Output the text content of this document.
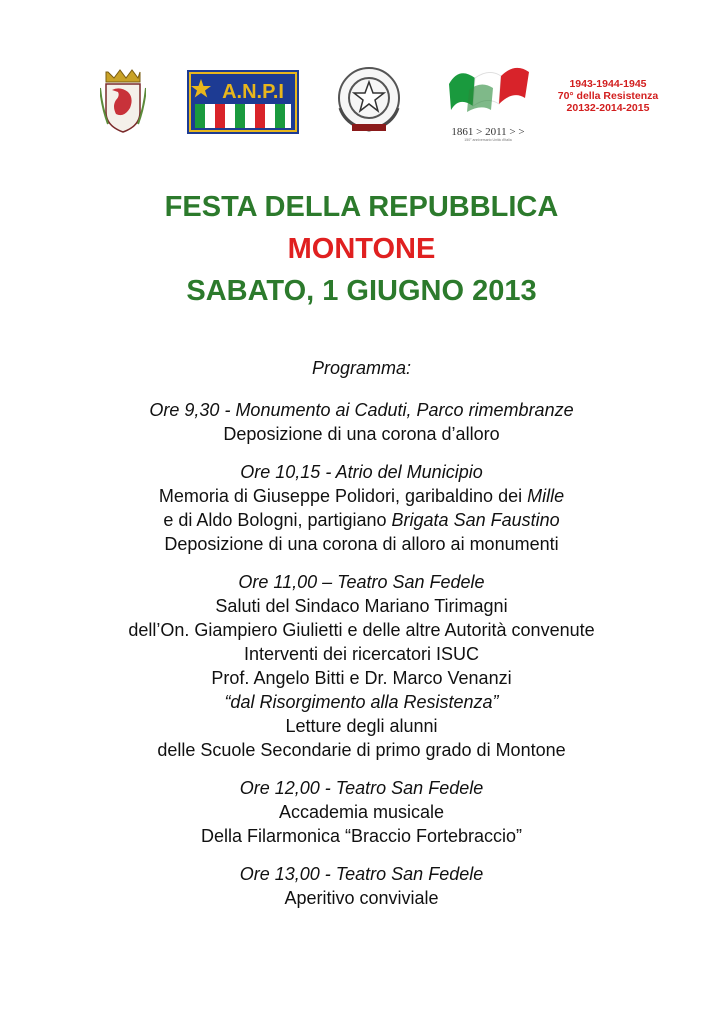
A.N.P.I
1861 > 2011 > >
150° anniversario Unità d'Italia
1943-1944-1945
70° della Resistenza
20132-2014-2015
FESTA DELLA REPUBBLICA
MONTONE
SABATO, 1 GIUGNO 2013
Programma:
Ore 9,30 - Monumento ai Caduti, Parco rimembranze
Deposizione di una corona d’alloro
Ore 10,15 - Atrio del Municipio
Memoria di Giuseppe Polidori, garibaldino dei Mille
e di Aldo Bologni, partigiano Brigata San Faustino
Deposizione di una corona di alloro ai monumenti
Ore 11,00 – Teatro San Fedele
Saluti del Sindaco Mariano Tirimagni
dell’On. Giampiero Giulietti e delle altre Autorità convenute
Interventi dei ricercatori ISUC
Prof. Angelo Bitti e Dr. Marco Venanzi
“dal Risorgimento alla Resistenza”
Letture degli alunni
delle Scuole Secondarie di primo grado di Montone
Ore 12,00 - Teatro San Fedele
Accademia musicale
Della Filarmonica “Braccio Fortebraccio”
Ore 13,00 - Teatro San Fedele
Aperitivo conviviale
